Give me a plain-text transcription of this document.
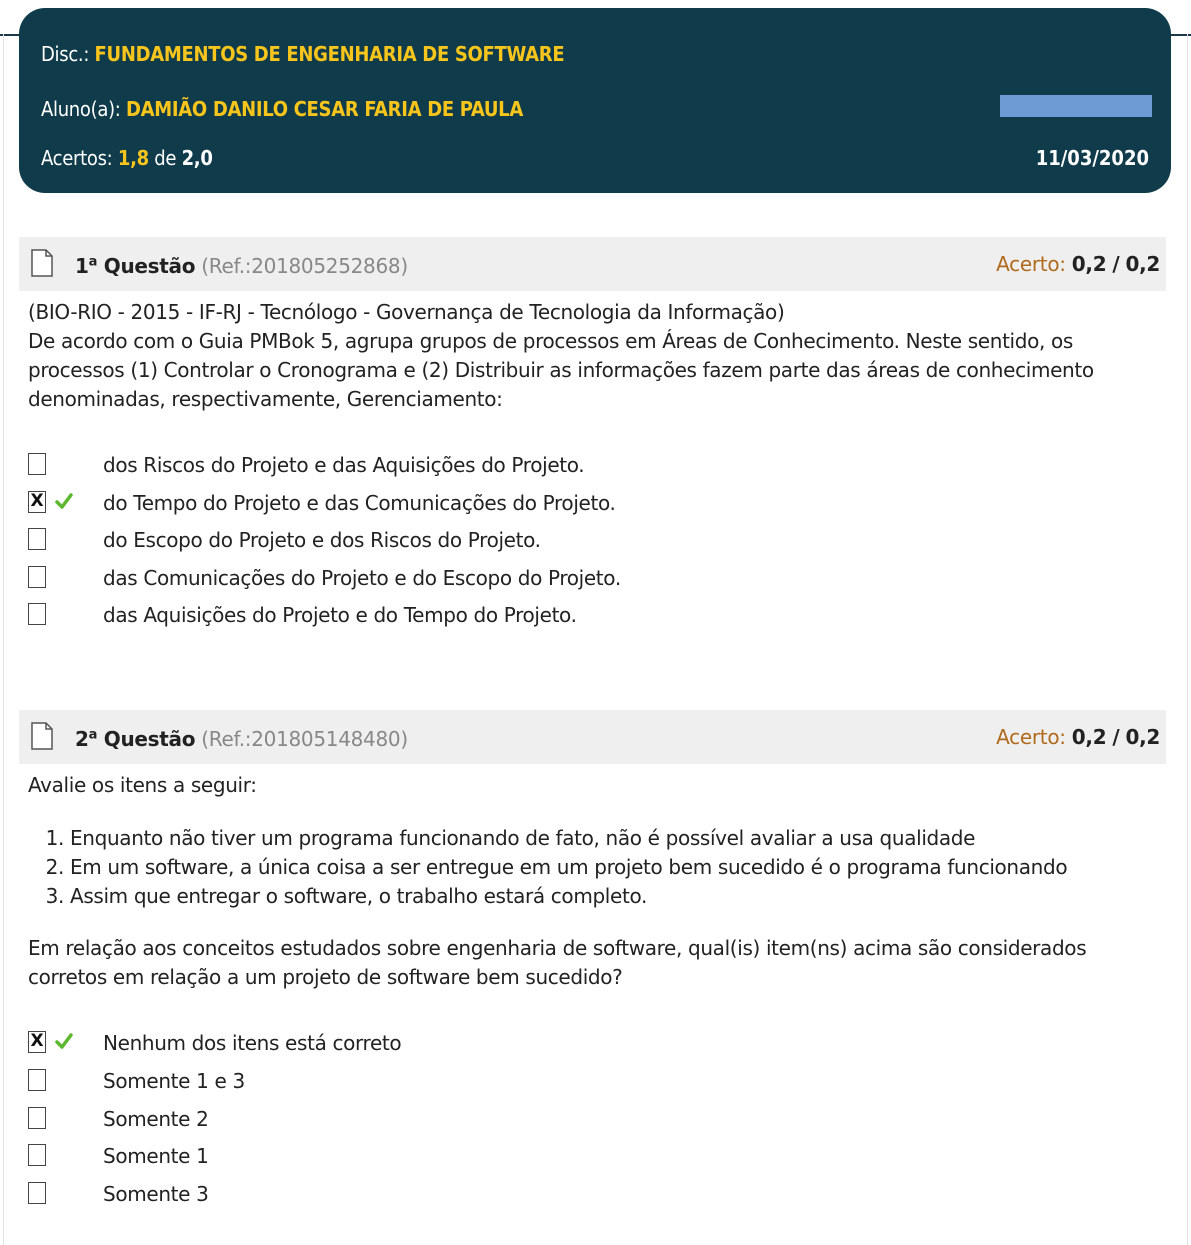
Disc.: FUNDAMENTOS DE ENGENHARIA DE SOFTWARE
Aluno(a): DAMIÃO DANILO CESAR FARIA DE PAULA
Acertos: 1,8 de 2,0	11/03/2020
1$^a$ Questão (Ref.:201805252868)	Acerto: 0,2 / 0,2

(BIO-RIO - 2015 - IF-RJ - Tecnólogo - Governança de Tecnologia da Informação)

De acordo com o Guia PMBok 5, agrupa grupos de processos em Áreas de Conhecimento. Neste sentido, os processos (1) Controlar o Cronograma e (2) Distribuir as informações fazem parte das áreas de conhecimento denominadas, respectivamente, Gerenciamento:

dos Riscos do Projeto e das Aquisições do Projeto.
X	do Tempo do Projeto e das Comunicações do Projeto.
do Escopo do Projeto e dos Riscos do Projeto.
das Comunicações do Projeto e do Escopo do Projeto.
das Aquisições do Projeto e do Tempo do Projeto.
2$^a$ Questão (Ref.:201805148480)	Acerto: 0,2 / 0,2
Avalie os itens a seguir:
1. Enquanto não tiver um programa funcionando de fato, não é possível avaliar a usa qualidade
2. Em um software, a única coisa a ser entregue em um projeto bem sucedido é o programa funcionando
3. Assim que entregar o software, o trabalho estará completo.
Em relação aos conceitos estudados sobre engenharia de software, qual(is) item(ns) acima são considerados corretos em relação a um projeto de software bem sucedido?
X	Nenhum dos itens está correto
Somente 1 e 3
Somente 2
Somente 1
Somente 3
